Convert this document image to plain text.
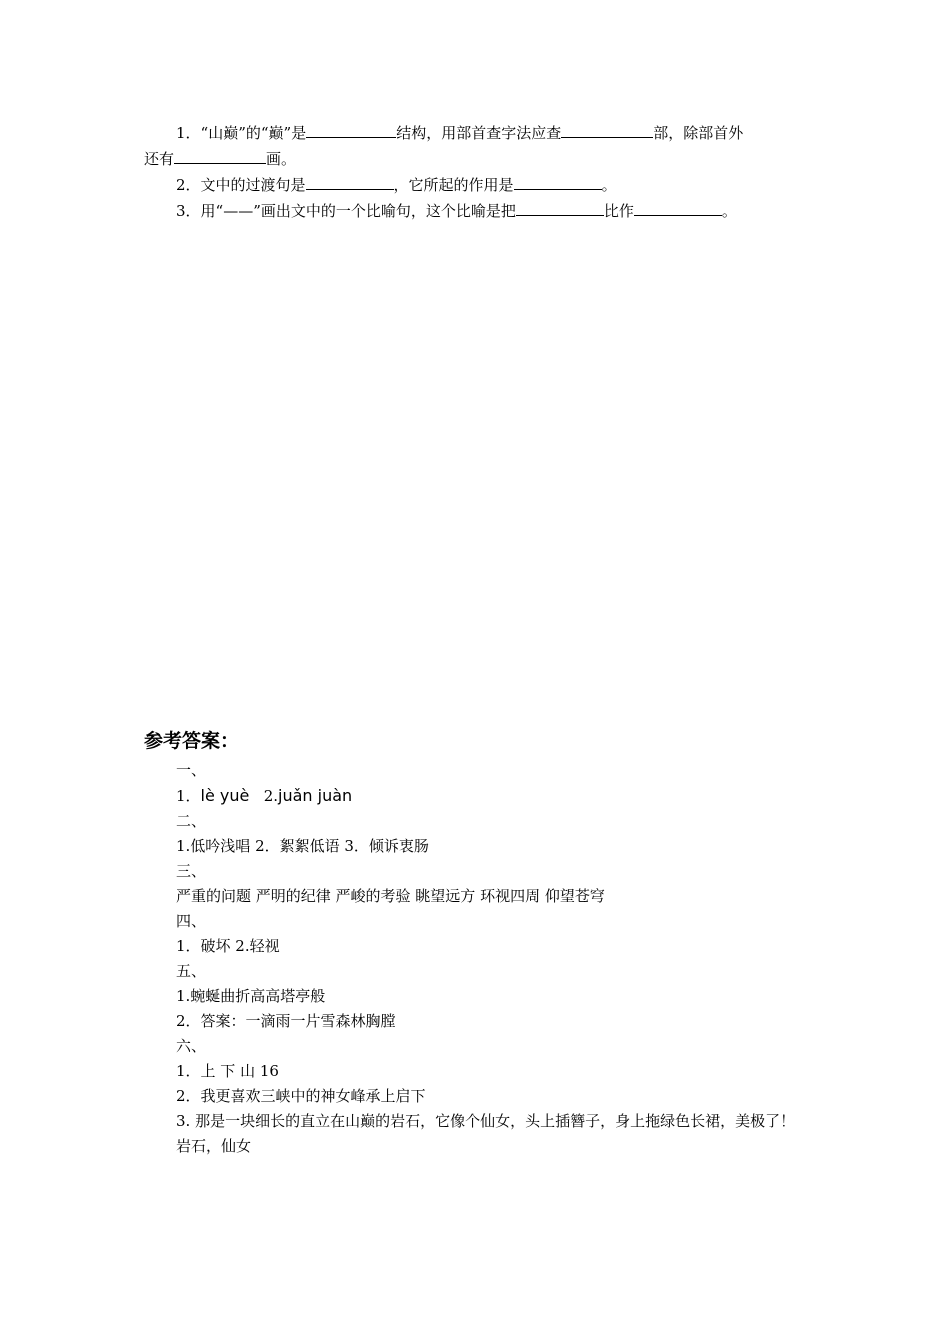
1．“山巅”的“巅”是	结构，用部首查字法应查	部，除部首外

还有	画。

2．文中的过渡句是	，它所起的作用是	。

3．用“——”画出文中的一个比喻句，这个比喻是把	比作	。

参考答案：

一、

1．lè yuè 2.juǎn juàn

二、

1.低吟浅唱 2．絮絮低语 3．倾诉衷肠

三、

严重的问题 严明的纪律 严峻的考验 眺望远方 环视四周 仰望苍穹

四、

1．破坏 2.轻视

五、

1.蜿蜒曲折高高塔亭般

2．答案：一滴雨一片雪森林胸膛

六、

1．上 下 山 16

2．我更喜欢三峡中的神女峰承上启下

3. 那是一块细长的直立在山巅的岩石，它像个仙女，头上插簪子，身上拖绿色长裙，美极了！

岩石，仙女
